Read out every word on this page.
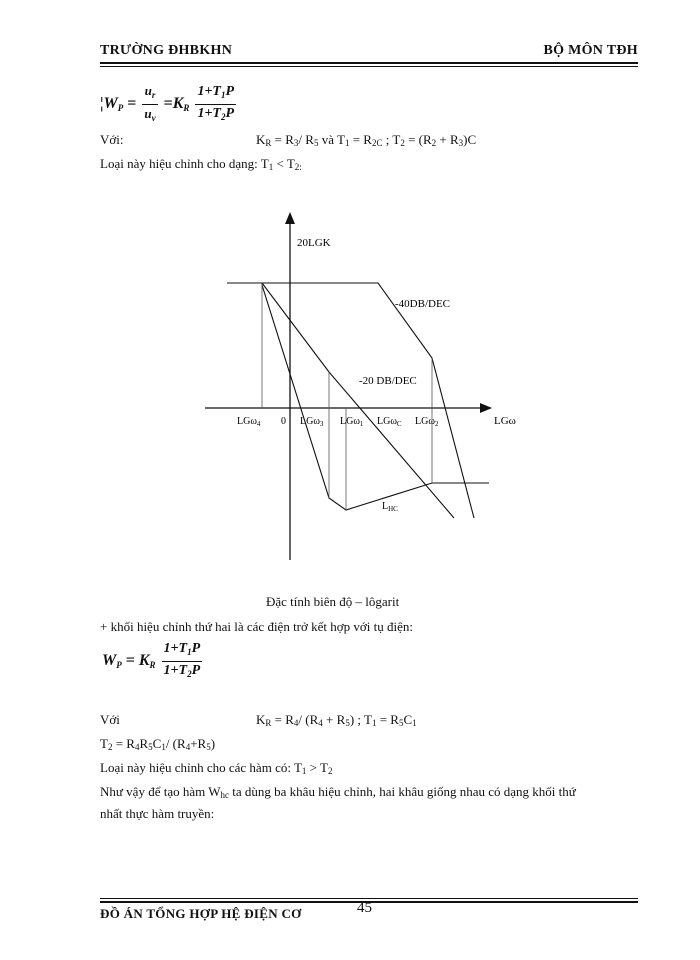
TRƯỜNG ĐHBKHN	BỘ MÔN TĐH
¦WP = $\frac{u_r}{u_v} =KR \frac{1+T_1P}{1+T_2P}$
Với:	$K_R = R_3/$ $R_5$ và $T_1 = R_{2C}$ ; $T_2 = (R_2 + R_3)C$
Loại này hiệu chỉnh cho dạng: $T_1 < T_{2:}$
20LGK
-40DB/DEC
-20 DB/DEC
LGω
LGω$_4$ 0 LGω$_3$ LGω$_1$ LGω$_C$ LGω$_2$
$L_{HC}$
Đặc tính biên độ – lôgarit
+ khối hiệu chỉnh thứ hai là các điện trở kết hợp với tụ điện:
WP = KR $\frac{1+T_1P}{1+T_2P}$
Với	$K_R = R_4/$ $(R_4 + R_5)$ ; $T_1 = R_5C_1$
$T_2 = R_4R_5C_1/$ $(R_4+R_5)$
Loại này hiệu chỉnh cho các hàm có: $T_1 > T_2$
Như vậy để tạo hàm $W_{hc}$ ta dùng ba khâu hiệu chỉnh, hai khâu giống nhau có dạng khối thứ
nhất thực hàm truyền:
ĐỒ ÁN TỔNG HỢP HỆ ĐIỆN CƠ	45
